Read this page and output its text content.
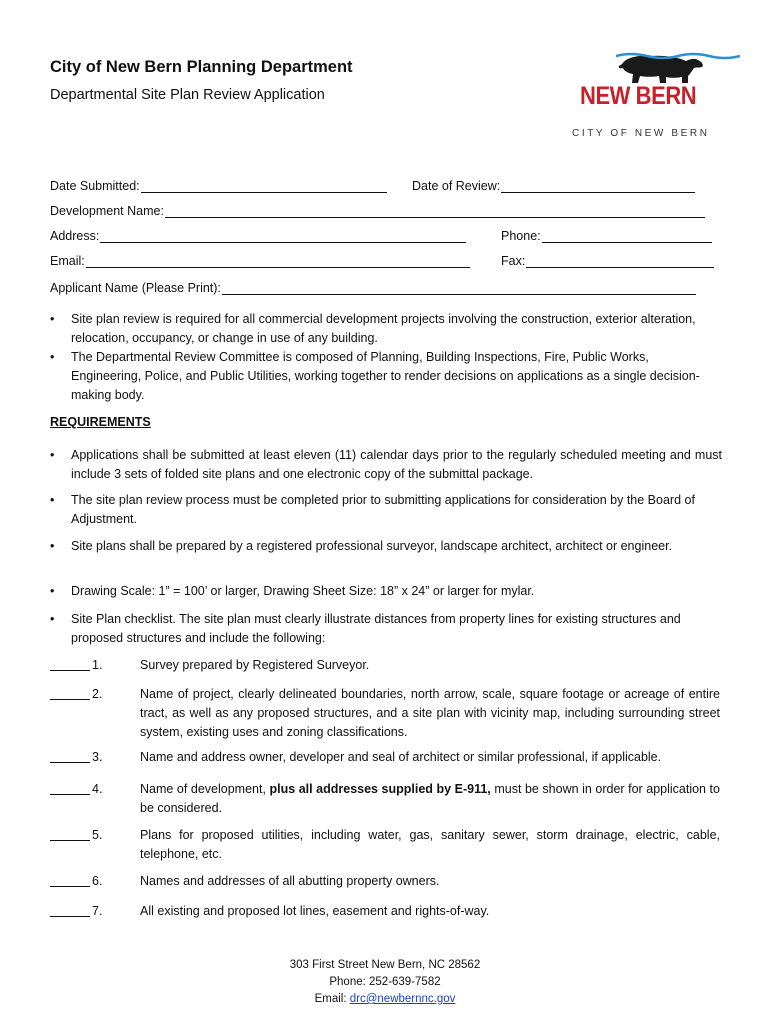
City of New Bern Planning Department
Departmental Site Plan Review Application	NEW BERN
CITY OF NEW BERN
Date Submitted:	Date of Review:
Development Name:
Address:	Phone:
Email:	Fax:
Applicant Name (Please Print):
• Site plan review is required for all commercial development projects involving the construction, exterior alteration, relocation, occupancy, or change in use of any building.
• The Departmental Review Committee is composed of Planning, Building Inspections, Fire, Public Works, Engineering, Police, and Public Utilities, working together to render decisions on applications as a single decision-making body.
REQUIREMENTS
• Applications shall be submitted at least eleven (11) calendar days prior to the regularly scheduled meeting and must include 3 sets of folded site plans and one electronic copy of the submittal package.
• The site plan review process must be completed prior to submitting applications for consideration by the Board of Adjustment.
• Site plans shall be prepared by a registered professional surveyor, landscape architect, architect or engineer.
• Drawing Scale: 1” = 100’ or larger, Drawing Sheet Size: 18” x 24” or larger for mylar.
• Site Plan checklist. The site plan must clearly illustrate distances from property lines for existing structures and proposed structures and include the following:
1.	Survey prepared by Registered Surveyor.
2.	Name of project, clearly delineated boundaries, north arrow, scale, square footage or acreage of entire tract, as well as any proposed structures, and a site plan with vicinity map, including surrounding street system, existing uses and zoning classifications.
3.	Name and address owner, developer and seal of architect or similar professional, if applicable.
4.	Name of development, plus all addresses supplied by E-911, must be shown in order for application to be considered.
5.	Plans for proposed utilities, including water, gas, sanitary sewer, storm drainage, electric, cable, telephone, etc.
6.	Names and addresses of all abutting property owners.
7.	All existing and proposed lot lines, easement and rights-of-way.
303 First Street New Bern, NC 28562
Phone: 252-639-7582
Email: drc@newbernnc.gov
